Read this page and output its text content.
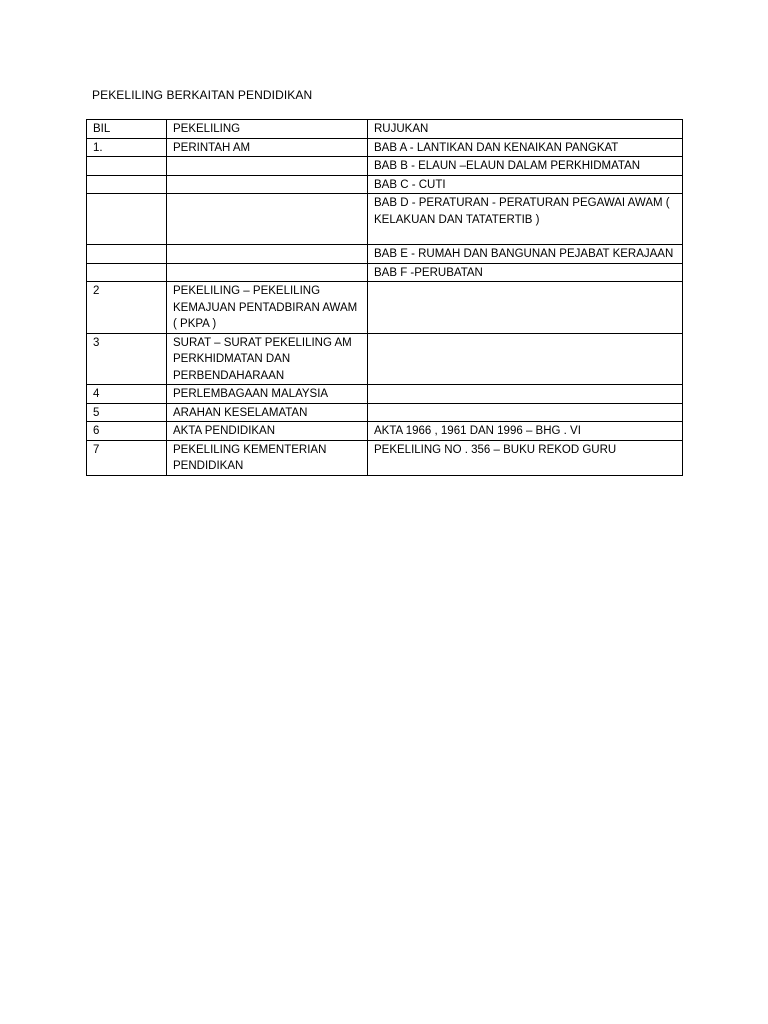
PEKELILING BERKAITAN PENDIDIKAN
BIL	PEKELILING	RUJUKAN
1.	PERINTAH AM	BAB A - LANTIKAN DAN KENAIKAN PANGKAT
		BAB B - ELAUN –ELAUN DALAM PERKHIDMATAN
		BAB C - CUTI

		BAB D - PERATURAN - PERATURAN PEGAWAI AWAM ( KELAKUAN DAN TATATERTIB )

		BAB E - RUMAH DAN BANGUNAN PEJABAT KERAJAAN
		BAB F -PERUBATAN
2	PEKELILING – PEKELILING KEMAJUAN PENTADBIRAN AWAM ( PKPA )	
3	SURAT – SURAT PEKELILING AM PERKHIDMATAN DAN PERBENDAHARAAN	
4	PERLEMBAGAAN MALAYSIA	
5	ARAHAN KESELAMATAN	
6	AKTA PENDIDIKAN	AKTA 1966 , 1961 DAN 1996 – BHG . VI
7	PEKELILING KEMENTERIAN PENDIDIKAN	PEKELILING NO . 356 – BUKU REKOD GURU
